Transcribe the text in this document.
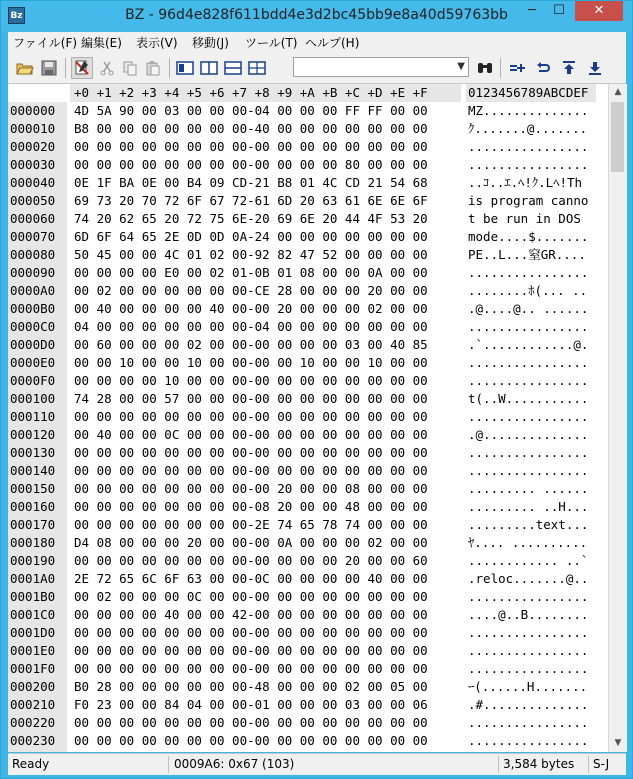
Bz	BZ - 96d4e828f611bdd4e3d2bc45bb9e8a40d59763bb	─	☐	✕
ファイル(F) 編集(E) 表示(V) 移動(J) ツール(T) ヘルプ(H)
▼
+0 +1 +2 +3 +4 +5 +6 +7 +8 +9 +A +B +C +D +E +F	0123456789ABCDEF
000000 4D 5A 90 00 03 00 00 00-04 00 00 00 FF FF 00 00	MZ..............
000010 B8 00 00 00 00 00 00 00-40 00 00 00 00 00 00 00	ｸ.......@.......
000020 00 00 00 00 00 00 00 00-00 00 00 00 00 00 00 00	................
000030 00 00 00 00 00 00 00 00-00 00 00 00 80 00 00 00	................
000040 0E 1F BA 0E 00 B4 09 CD-21 B8 01 4C CD 21 54 68	..ｺ..ｴ.ﾍ!ｸ.Lﾍ!Th
000050 69 73 20 70 72 6F 67 72-61 6D 20 63 61 6E 6E 6F	is program canno
000060 74 20 62 65 20 72 75 6E-20 69 6E 20 44 4F 53 20	t be run in DOS
000070 6D 6F 64 65 2E 0D 0D 0A-24 00 00 00 00 00 00 00	mode....$.......
000080 50 45 00 00 4C 01 02 00-92 82 47 52 00 00 00 00	PE..L...窒GR....
000090 00 00 00 00 E0 00 02 01-0B 01 08 00 00 0A 00 00	................
0000A0 00 02 00 00 00 00 00 00-CE 28 00 00 00 20 00 00	........ﾎ(... ..
0000B0 00 40 00 00 00 00 40 00-00 20 00 00 00 02 00 00	.@....@.. ......
0000C0 04 00 00 00 00 00 00 00-04 00 00 00 00 00 00 00	................
0000D0 00 60 00 00 00 02 00 00-00 00 00 00 03 00 40 85	.`............@.
0000E0 00 00 10 00 00 10 00 00-00 00 10 00 00 10 00 00	................
0000F0 00 00 00 00 10 00 00 00-00 00 00 00 00 00 00 00	................
000100 74 28 00 00 57 00 00 00-00 00 00 00 00 00 00 00	t(..W...........
000110 00 00 00 00 00 00 00 00-00 00 00 00 00 00 00 00	................
000120 00 40 00 00 0C 00 00 00-00 00 00 00 00 00 00 00	.@..............
000130 00 00 00 00 00 00 00 00-00 00 00 00 00 00 00 00	................
000140 00 00 00 00 00 00 00 00-00 00 00 00 00 00 00 00	................
000150 00 00 00 00 00 00 00 00-00 20 00 00 08 00 00 00	......... ......
000160 00 00 00 00 00 00 00 00-08 20 00 00 48 00 00 00	......... ..H...
000170 00 00 00 00 00 00 00 00-2E 74 65 78 74 00 00 00	.........text...
000180 D4 08 00 00 00 20 00 00-00 0A 00 00 00 02 00 00	ﾔ.... ..........
000190 00 00 00 00 00 00 00 00-00 00 00 00 20 00 00 60	............ ..`
0001A0 2E 72 65 6C 6F 63 00 00-0C 00 00 00 00 40 00 00	.reloc.......@..
0001B0 00 02 00 00 00 0C 00 00-00 00 00 00 00 00 00 00	................
0001C0 00 00 00 00 40 00 00 42-00 00 00 00 00 00 00 00	....@..B........
0001D0 00 00 00 00 00 00 00 00-00 00 00 00 00 00 00 00	................
0001E0 00 00 00 00 00 00 00 00-00 00 00 00 00 00 00 00	................
0001F0 00 00 00 00 00 00 00 00-00 00 00 00 00 00 00 00	................
000200 B0 28 00 00 00 00 00 00-48 00 00 00 02 00 05 00	ｰ(......H.......
000210 F0 23 00 00 84 04 00 00-01 00 00 00 03 00 00 06	.#..............
000220 00 00 00 00 00 00 00 00-00 00 00 00 00 00 00 00	................
000230 00 00 00 00 00 00 00 00-00 00 00 00 00 00 00 00	................
▲
▼
Ready	0009A6: 0x67 (103)	3,584 bytes S-J
